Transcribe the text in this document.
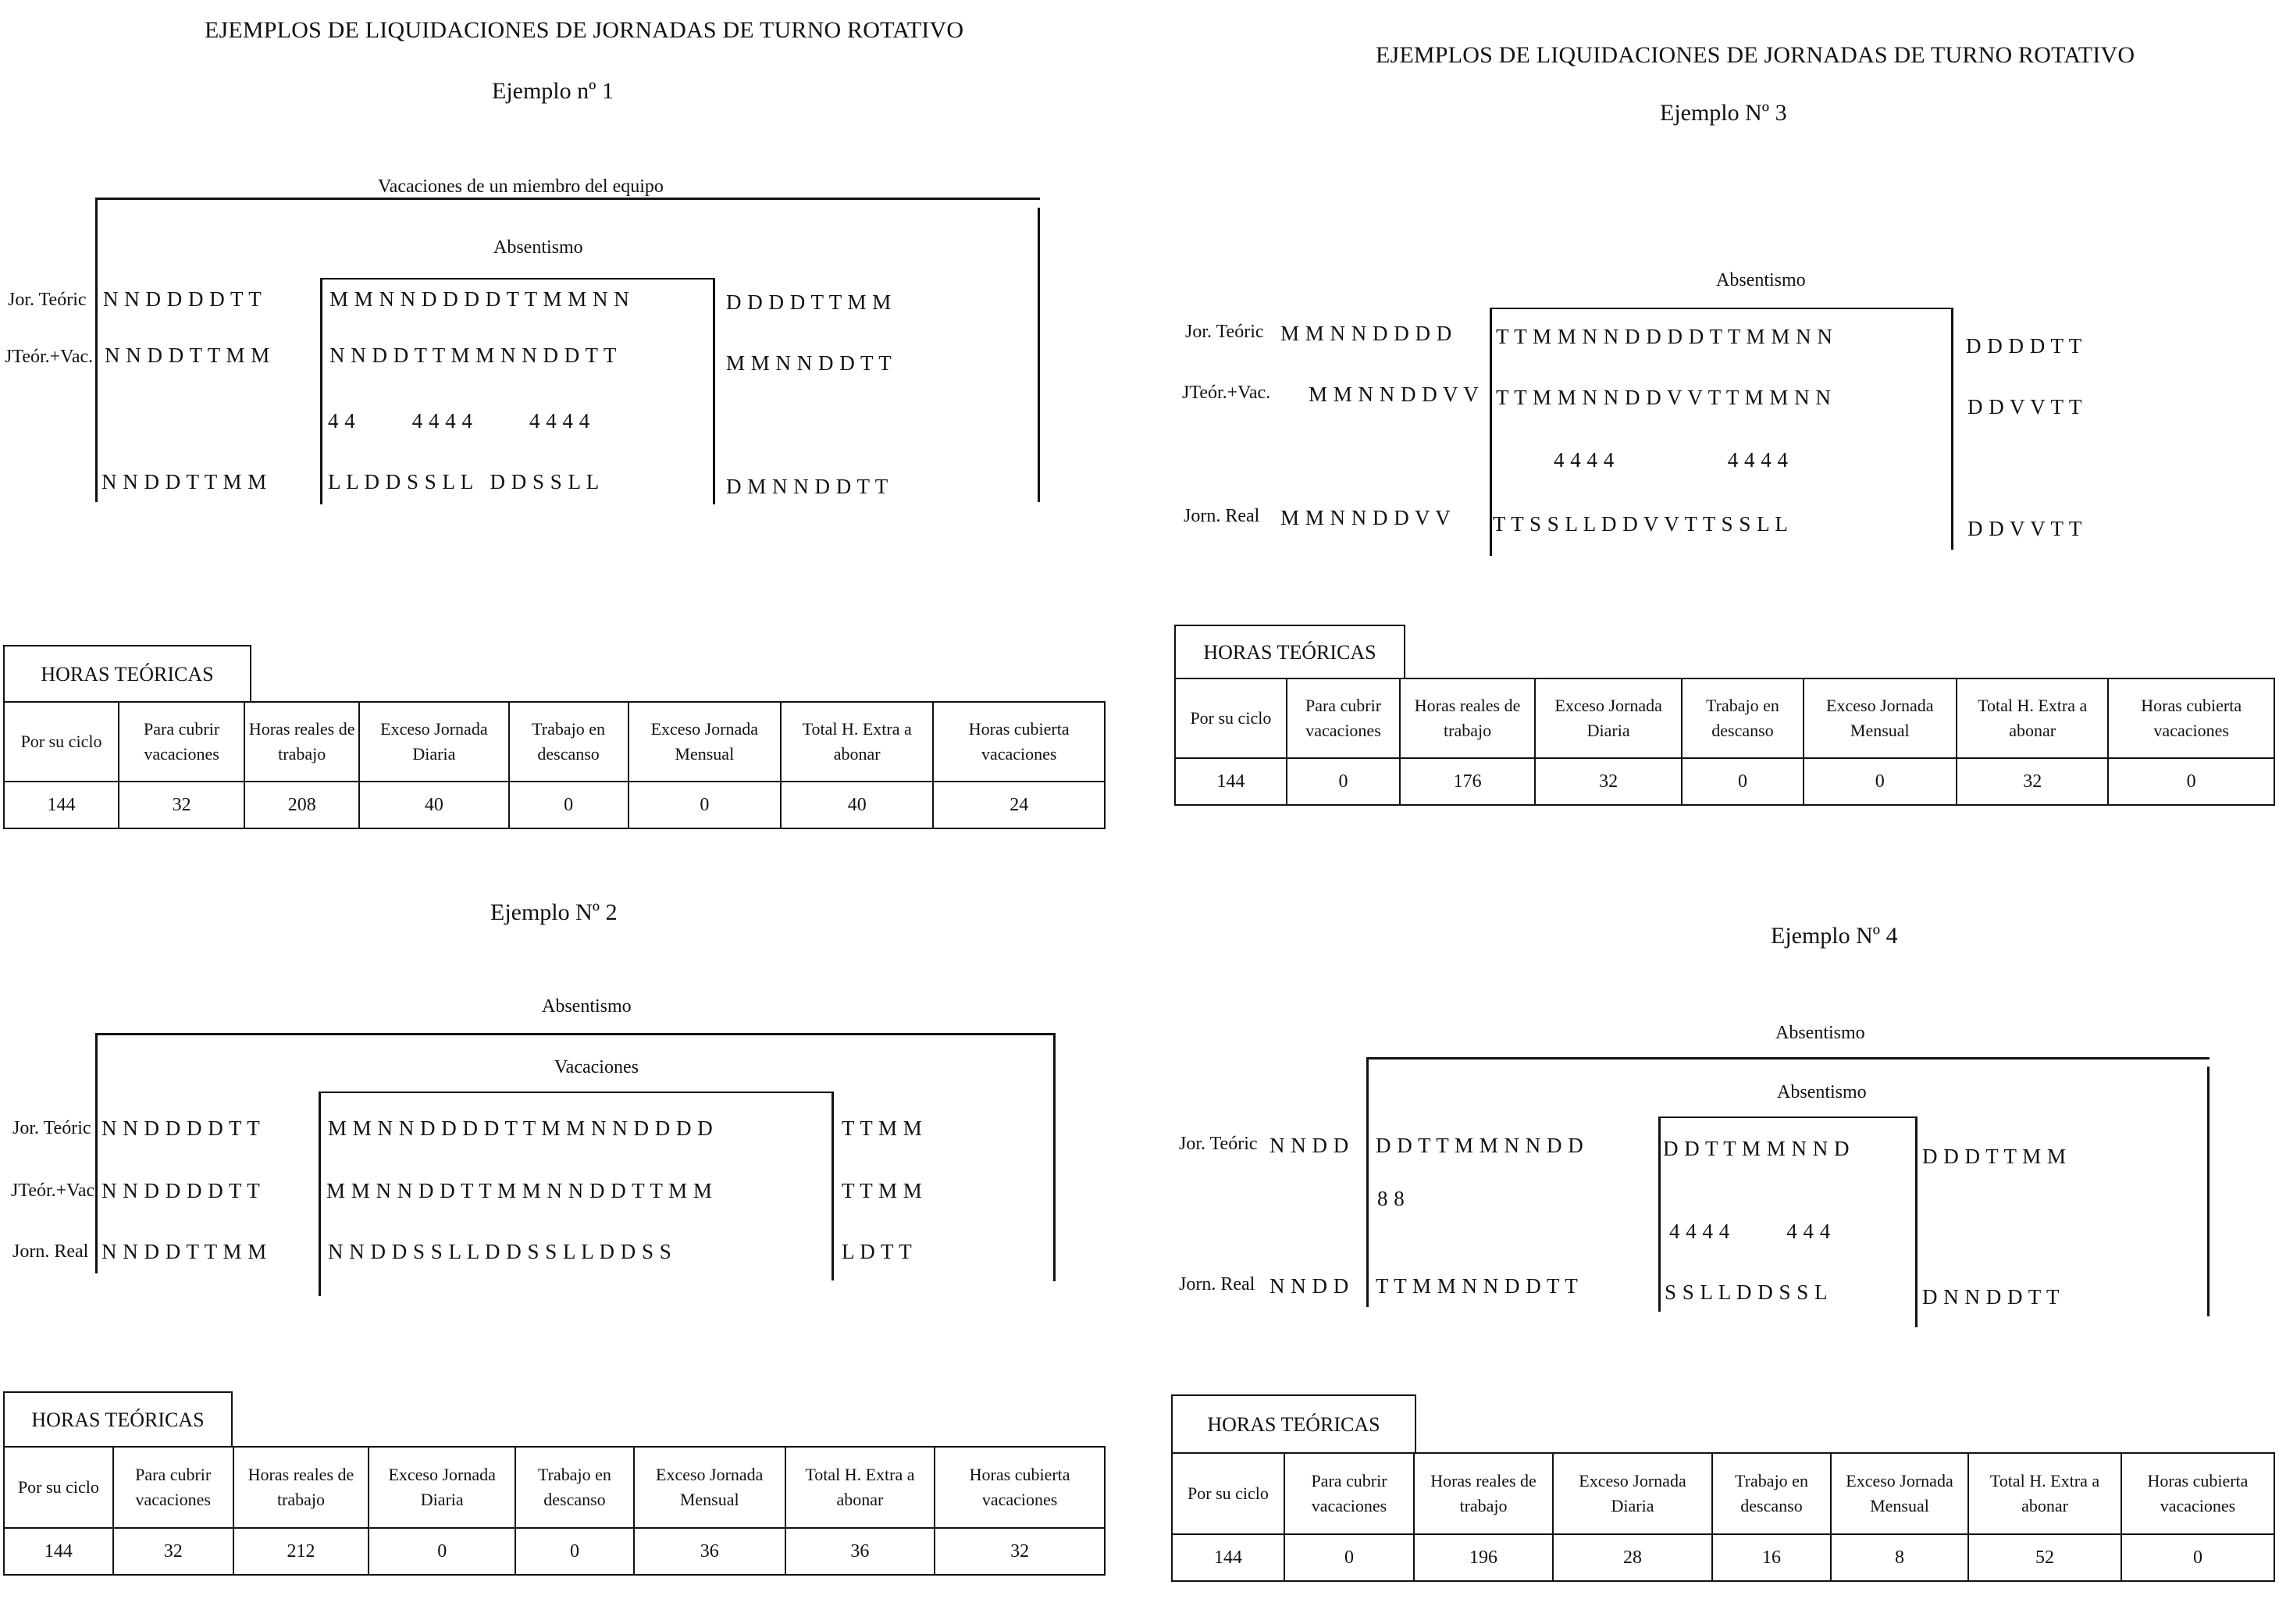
EJEMPLOS DE LIQUIDACIONES DE JORNADAS DE TURNO ROTATIVO
Ejemplo nº 1
Vacaciones de un miembro del equipo
Absentismo
Jor. Teóric N N D D D D T T	M M N N D D D D T T M M N N	D D D D T T M M
JTeór.+Vac. N N D D T T M M	N N D D T T M M N N D D T T	M M N N D D T T
4 4          4 4 4 4          4 4 4 4
N N D D T T M M	L L D D S S L L   D D S S L L	D M N N D D T T
HORAS TEÓRICAS
Por su ciclo	Para cubrir vacaciones	Horas reales de trabajo	Exceso Jornada Diaria	Trabajo en descanso	Exceso Jornada Mensual	Total H. Extra a abonar	Horas cubierta vacaciones
144	32	208	40	0	0	40	24
Ejemplo Nº 2
Absentismo
Vacaciones
Jor. Teóric N N D D D D T T	M M N N D D D D T T M M N N D D D D	T T M M
JTeór.+Vac N N D D D D T T	M M N N D D T T M M N N D D T T M M	T T M M
Jorn. Real N N D D T T M M	N N D D S S L L D D S S L L D D S S	L D T T
HORAS TEÓRICAS
Por su ciclo	Para cubrir vacaciones	Horas reales de trabajo	Exceso Jornada Diaria	Trabajo en descanso	Exceso Jornada Mensual	Total H. Extra a abonar	Horas cubierta vacaciones
144	32	212	0	0	36	36	32
EJEMPLOS DE LIQUIDACIONES DE JORNADAS DE TURNO ROTATIVO
Ejemplo Nº 3
Absentismo
Jor. Teóric M M N N D D D D T T M M N N D D D D T T M M N N	D D D D T T
JTeór.+Vac. M M N N D D V V T T M M N N D D V V T T M M N N	D D V V T T
4 4 4 4                    4 4 4 4
Jorn. Real M M N N D D V V T T S S L L D D V V T T S S L L	D D V V T T
HORAS TEÓRICAS
Por su ciclo	Para cubrir vacaciones	Horas reales de trabajo	Exceso Jornada Diaria	Trabajo en descanso	Exceso Jornada Mensual	Total H. Extra a abonar	Horas cubierta vacaciones
144	0	176	32	0	0	32	0
Ejemplo Nº 4
Absentismo
Absentismo
Jor. Teóric N N D D D D T T M M N N D D	D D T T M M N N D	D D D T T M M
8 8
4 4 4 4          4 4 4
Jorn. Real N N D D T T M M N N D D T T	S S L L D D S S L	D N N D D T T
HORAS TEÓRICAS
Por su ciclo	Para cubrir vacaciones	Horas reales de trabajo	Exceso Jornada Diaria	Trabajo en descanso	Exceso Jornada Mensual	Total H. Extra a abonar	Horas cubierta vacaciones
144	0	196	28	16	8	52	0
